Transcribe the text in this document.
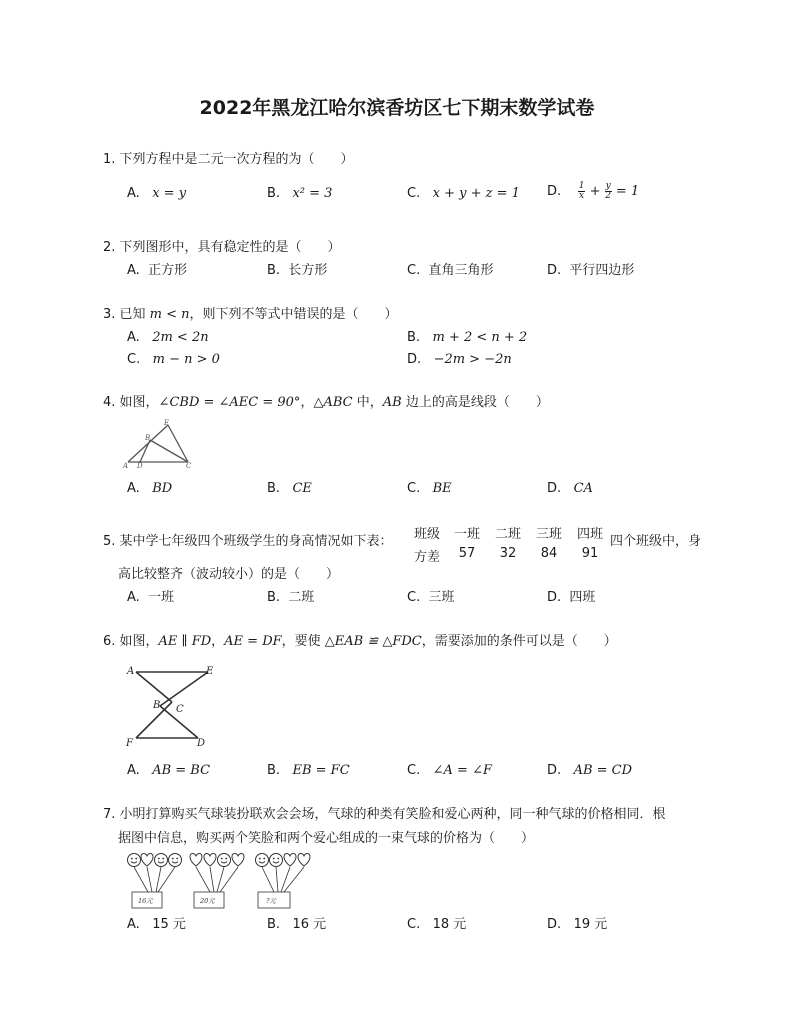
2022年黑龙江哈尔滨香坊区七下期末数学试卷
1. 下列方程中是二元一次方程的为（　　）
A. x = y	B. x² = 3	C. x + y + z = 1 D. $\frac{1}{x} + \frac{y}{2} = 1$
2. 下列图形中，具有稳定性的是（　　）
A. 正方形	B. 长方形	C. 直角三角形	D. 平行四边形
3. 已知 m < n，则下列不等式中错误的是（　　）
A. 2m < 2n	B. m + 2 < n + 2
C. m − n > 0	D. −2m > −2n
4. 如图，∠CBD = ∠AEC = 90°，△ABC 中，AB 边上的高是线段（　　）
E
B
A D	C
A. BD	B. CE	C. BE	D. CA
5. 某中学七年级四个班级学生的身高情况如下表：	班级	一班	二班	三班	四班
方差	57	32	84	91
四个班级中，身
高比较整齐（波动较小）的是（　　）
A. 一班	B. 二班	C. 三班	D. 四班
6. 如图，AE ∥ FD，AE = DF，要使 △EAB ≌ △FDC，需要添加的条件可以是（　　）
A	E
B C
F	D
A. AB = BC	B. EB = FC	C. ∠A = ∠F	D. AB = CD
7. 小明打算购买气球装扮联欢会会场，气球的种类有笑脸和爱心两种，同一种气球的价格相同．根
据图中信息，购买两个笑脸和两个爱心组成的一束气球的价格为（　　）
16元	20元	?元
A. 15 元	B. 16 元	C. 18 元	D. 19 元
